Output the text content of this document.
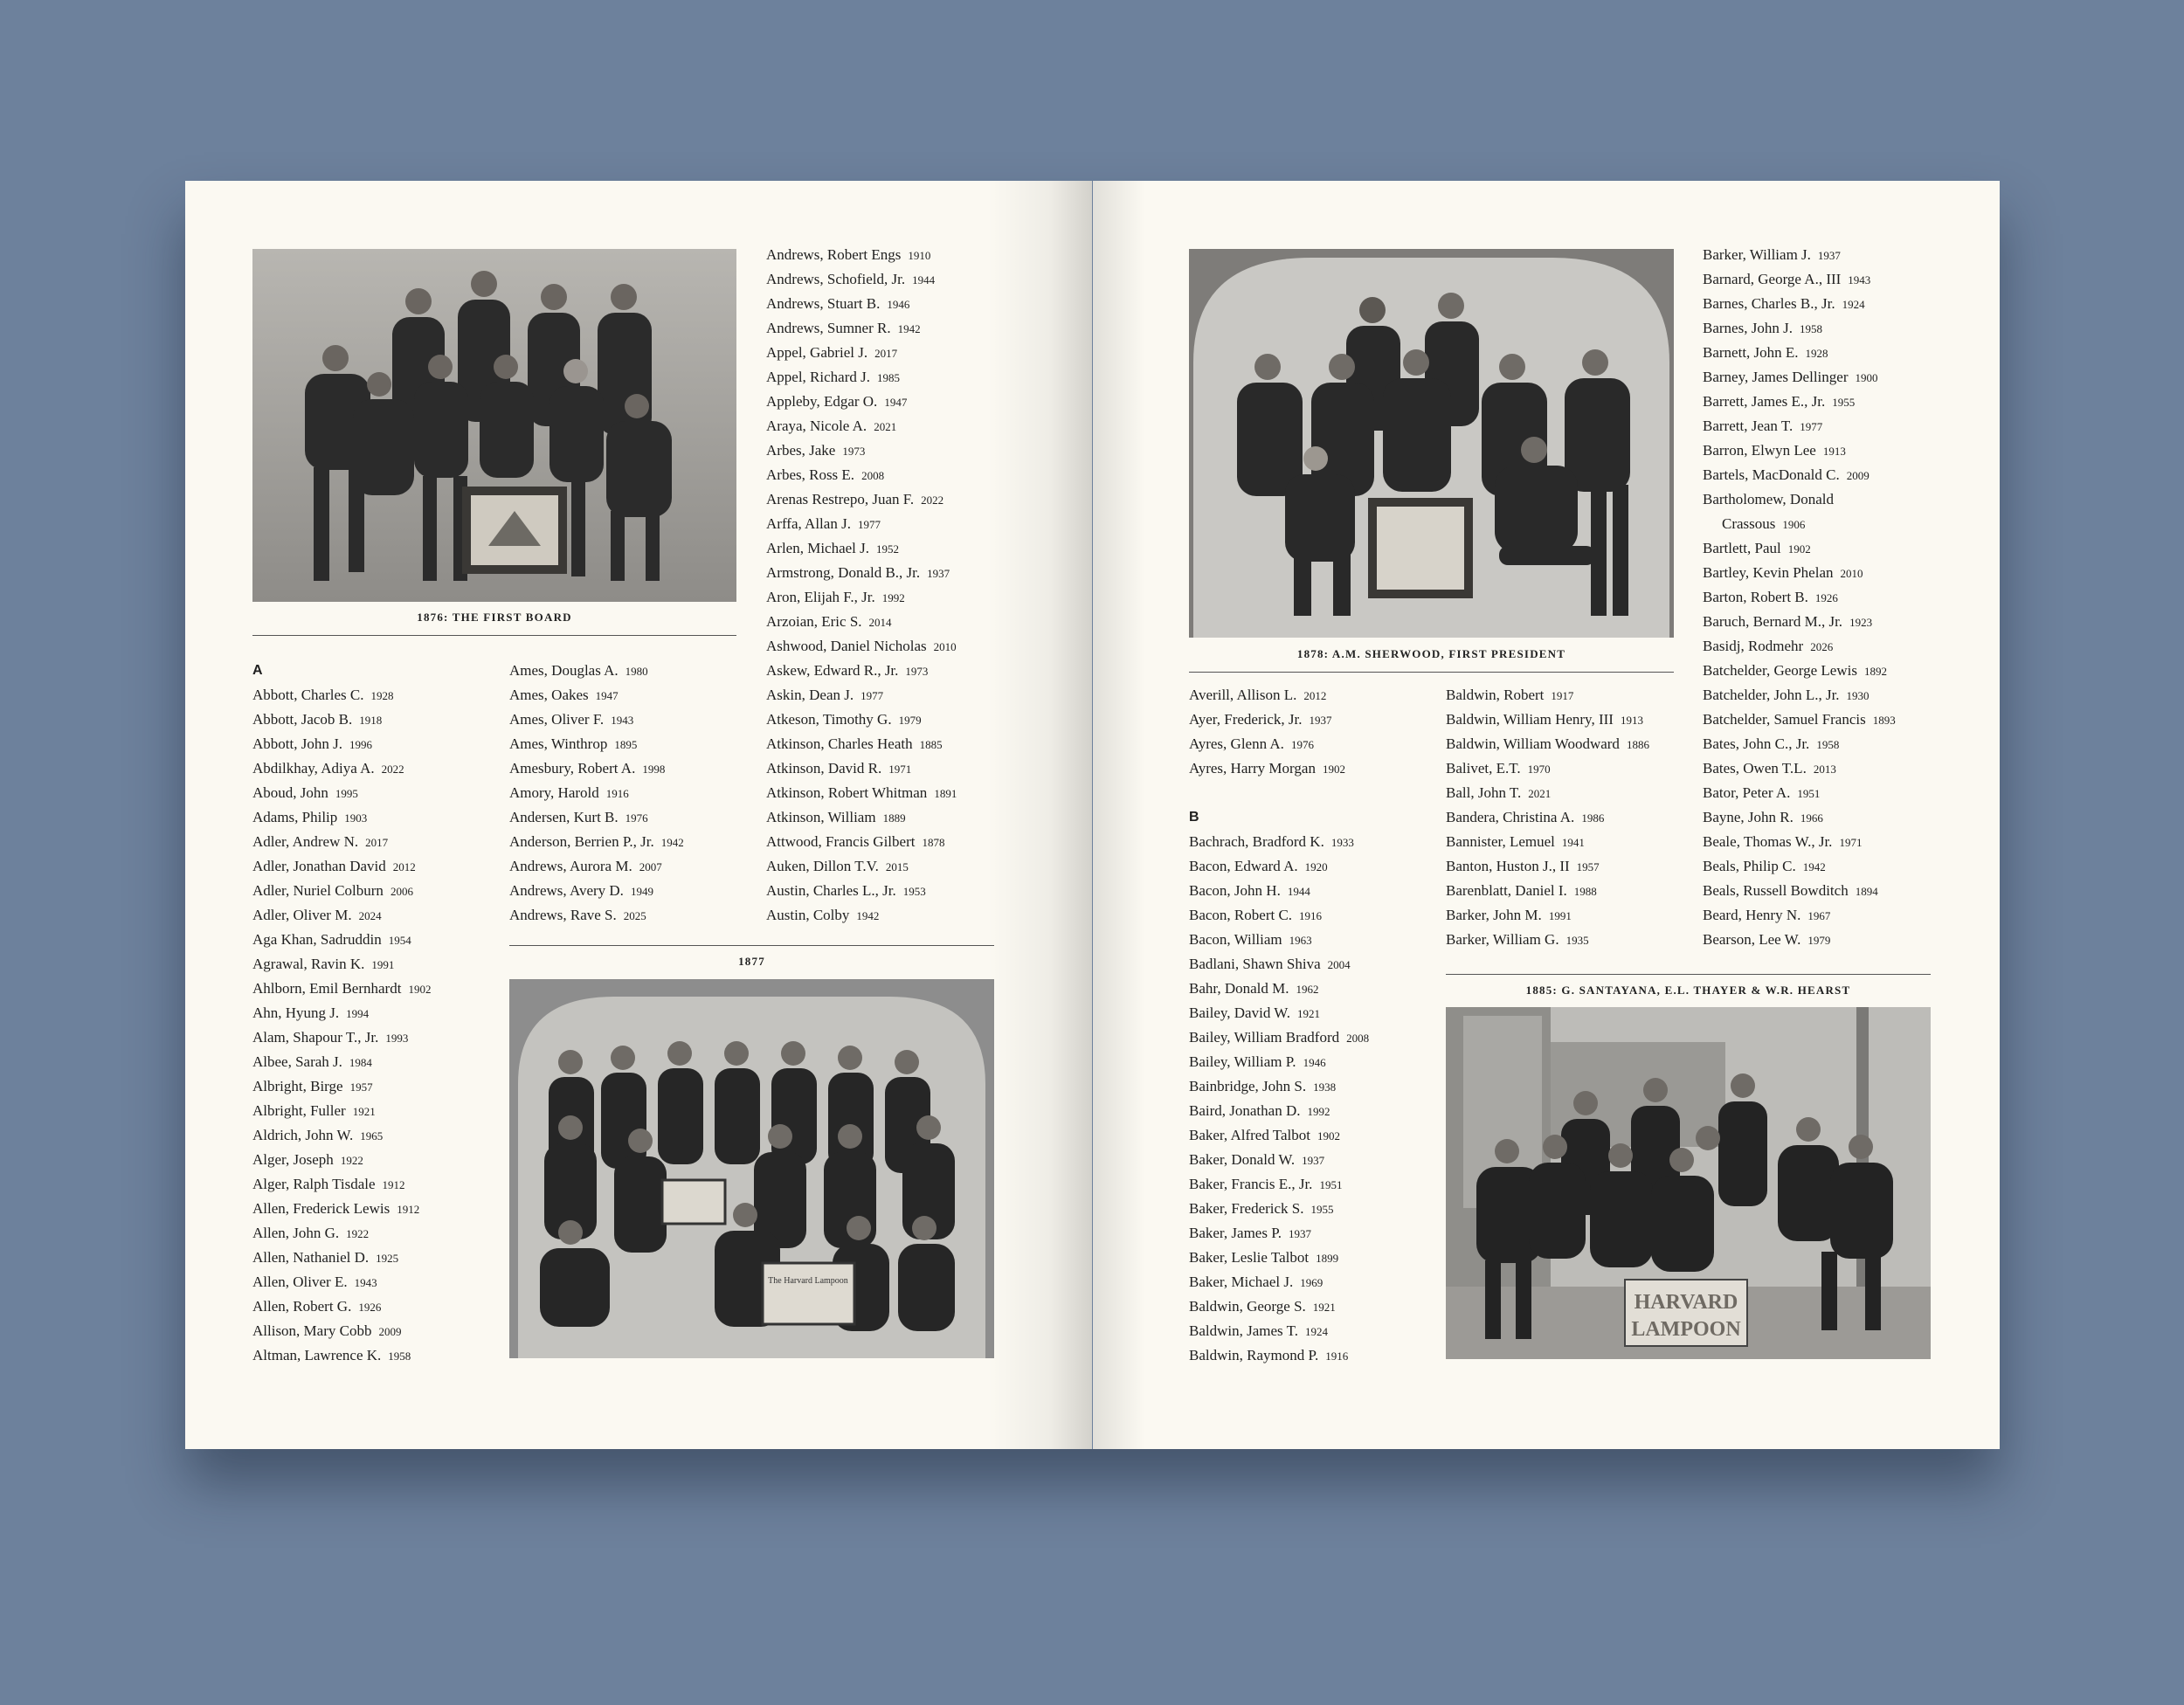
1876: THE FIRST BOARD
A
Abbott, Charles C. 1928
Abbott, Jacob B. 1918
Abbott, John J. 1996
Abdilkhay, Adiya A. 2022
Aboud, John 1995
Adams, Philip 1903
Adler, Andrew N. 2017
Adler, Jonathan David 2012
Adler, Nuriel Colburn 2006
Adler, Oliver M. 2024
Aga Khan, Sadruddin 1954
Agrawal, Ravin K. 1991
Ahlborn, Emil Bernhardt 1902
Ahn, Hyung J. 1994
Alam, Shapour T., Jr. 1993
Albee, Sarah J. 1984
Albright, Birge 1957
Albright, Fuller 1921
Aldrich, John W. 1965
Alger, Joseph 1922
Alger, Ralph Tisdale 1912
Allen, Frederick Lewis 1912
Allen, John G. 1922
Allen, Nathaniel D. 1925
Allen, Oliver E. 1943
Allen, Robert G. 1926
Allison, Mary Cobb 2009
Altman, Lawrence K. 1958
Ames, Douglas A. 1980
Ames, Oakes 1947
Ames, Oliver F. 1943
Ames, Winthrop 1895
Amesbury, Robert A. 1998
Amory, Harold 1916
Andersen, Kurt B. 1976
Anderson, Berrien P., Jr. 1942
Andrews, Aurora M. 2007
Andrews, Avery D. 1949
Andrews, Rave S. 2025
Andrews, Robert Engs 1910
Andrews, Schofield, Jr. 1944
Andrews, Stuart B. 1946
Andrews, Sumner R. 1942
Appel, Gabriel J. 2017
Appel, Richard J. 1985
Appleby, Edgar O. 1947
Araya, Nicole A. 2021
Arbes, Jake 1973
Arbes, Ross E. 2008
Arenas Restrepo, Juan F. 2022
Arffa, Allan J. 1977
Arlen, Michael J. 1952
Armstrong, Donald B., Jr. 1937
Aron, Elijah F., Jr. 1992
Arzoian, Eric S. 2014
Ashwood, Daniel Nicholas 2010
Askew, Edward R., Jr. 1973
Askin, Dean J. 1977
Atkeson, Timothy G. 1979
Atkinson, Charles Heath 1885
Atkinson, David R. 1971
Atkinson, Robert Whitman 1891
Atkinson, William 1889
Attwood, Francis Gilbert 1878
Auken, Dillon T.V. 2015
Austin, Charles L., Jr. 1953
Austin, Colby 1942
1877
The Harvard Lampoon
1878: A.M. SHERWOOD, FIRST PRESIDENT
Averill, Allison L. 2012
Ayer, Frederick, Jr. 1937
Ayres, Glenn A. 1976
Ayres, Harry Morgan 1902
B
Bachrach, Bradford K. 1933
Bacon, Edward A. 1920
Bacon, John H. 1944
Bacon, Robert C. 1916
Bacon, William 1963
Badlani, Shawn Shiva 2004
Bahr, Donald M. 1962
Bailey, David W. 1921
Bailey, William Bradford 2008
Bailey, William P. 1946
Bainbridge, John S. 1938
Baird, Jonathan D. 1992
Baker, Alfred Talbot 1902
Baker, Donald W. 1937
Baker, Francis E., Jr. 1951
Baker, Frederick S. 1955
Baker, James P. 1937
Baker, Leslie Talbot 1899
Baker, Michael J. 1969
Baldwin, George S. 1921
Baldwin, James T. 1924
Baldwin, Raymond P. 1916
Baldwin, Robert 1917
Baldwin, William Henry, III 1913
Baldwin, William Woodward 1886
Balivet, E.T. 1970
Ball, John T. 2021
Bandera, Christina A. 1986
Bannister, Lemuel 1941
Banton, Huston J., II 1957
Barenblatt, Daniel I. 1988
Barker, John M. 1991
Barker, William G. 1935
Barker, William J. 1937
Barnard, George A., III 1943
Barnes, Charles B., Jr. 1924
Barnes, John J. 1958
Barnett, John E. 1928
Barney, James Dellinger 1900
Barrett, James E., Jr. 1955
Barrett, Jean T. 1977
Barron, Elwyn Lee 1913
Bartels, MacDonald C. 2009
Bartholomew, Donald
Crassous 1906
Bartlett, Paul 1902
Bartley, Kevin Phelan 2010
Barton, Robert B. 1926
Baruch, Bernard M., Jr. 1923
Basidj, Rodmehr 2026
Batchelder, George Lewis 1892
Batchelder, John L., Jr. 1930
Batchelder, Samuel Francis 1893
Bates, John C., Jr. 1958
Bates, Owen T.L. 2013
Bator, Peter A. 1951
Bayne, John R. 1966
Beale, Thomas W., Jr. 1971
Beals, Philip C. 1942
Beals, Russell Bowditch 1894
Beard, Henry N. 1967
Bearson, Lee W. 1979
1885: G. SANTAYANA, E.L. THAYER & W.R. HEARST
HARVARD
LAMPOON
